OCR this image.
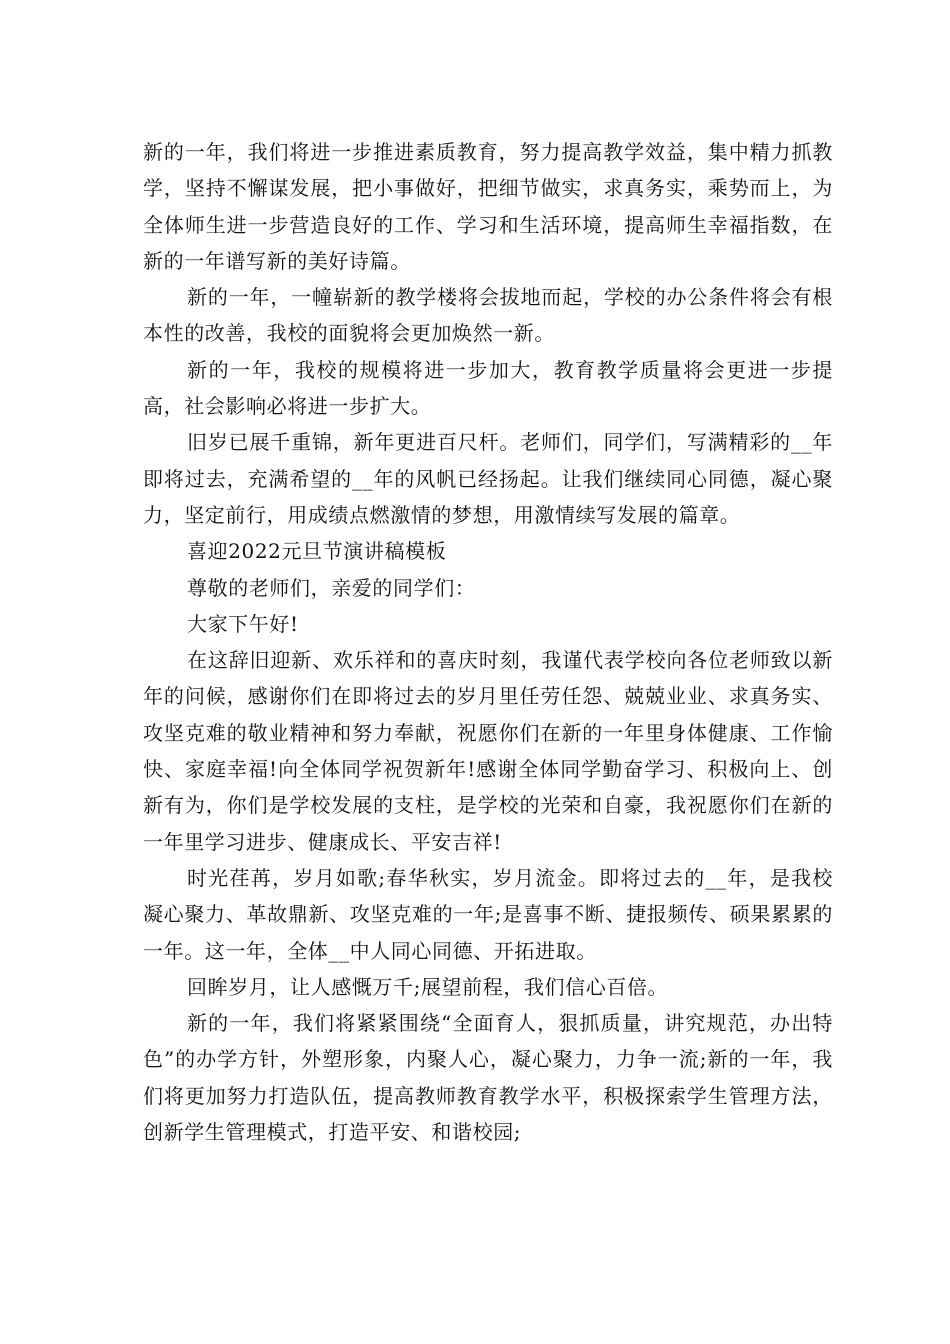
新的一年，我们将进一步推进素质教育，努力提高教学效益，集中精力抓教学，坚持不懈谋发展，把小事做好，把细节做实，求真务实，乘势而上，为全体师生进一步营造良好的工作、学习和生活环境，提高师生幸福指数，在新的一年谱写新的美好诗篇。

新的一年，一幢崭新的教学楼将会拔地而起，学校的办公条件将会有根本性的改善，我校的面貌将会更加焕然一新。

新的一年，我校的规模将进一步加大，教育教学质量将会更进一步提高，社会影响必将进一步扩大。

旧岁已展千重锦，新年更进百尺杆。老师们，同学们，写满精彩的__年即将过去，充满希望的__年的风帆已经扬起。让我们继续同心同德，凝心聚力，坚定前行，用成绩点燃激情的梦想，用激情续写发展的篇章。

喜迎2022元旦节演讲稿模板

尊敬的老师们，亲爱的同学们：

大家下午好!

在这辞旧迎新、欢乐祥和的喜庆时刻，我谨代表学校向各位老师致以新年的问候，感谢你们在即将过去的岁月里任劳任怨、兢兢业业、求真务实、攻坚克难的敬业精神和努力奉献，祝愿你们在新的一年里身体健康、工作愉快、家庭幸福!向全体同学祝贺新年!感谢全体同学勤奋学习、积极向上、创新有为，你们是学校发展的支柱，是学校的光荣和自豪，我祝愿你们在新的一年里学习进步、健康成长、平安吉祥!

时光荏苒，岁月如歌;春华秋实，岁月流金。即将过去的__年，是我校凝心聚力、革故鼎新、攻坚克难的一年;是喜事不断、捷报频传、硕果累累的一年。这一年，全体__中人同心同德、开拓进取。

回眸岁月，让人感慨万千;展望前程，我们信心百倍。

新的一年，我们将紧紧围绕“全面育人，狠抓质量，讲究规范，办出特色”的办学方针，外塑形象，内聚人心，凝心聚力，力争一流;新的一年，我们将更加努力打造队伍，提高教师教育教学水平，积极探索学生管理方法，创新学生管理模式，打造平安、和谐校园;
